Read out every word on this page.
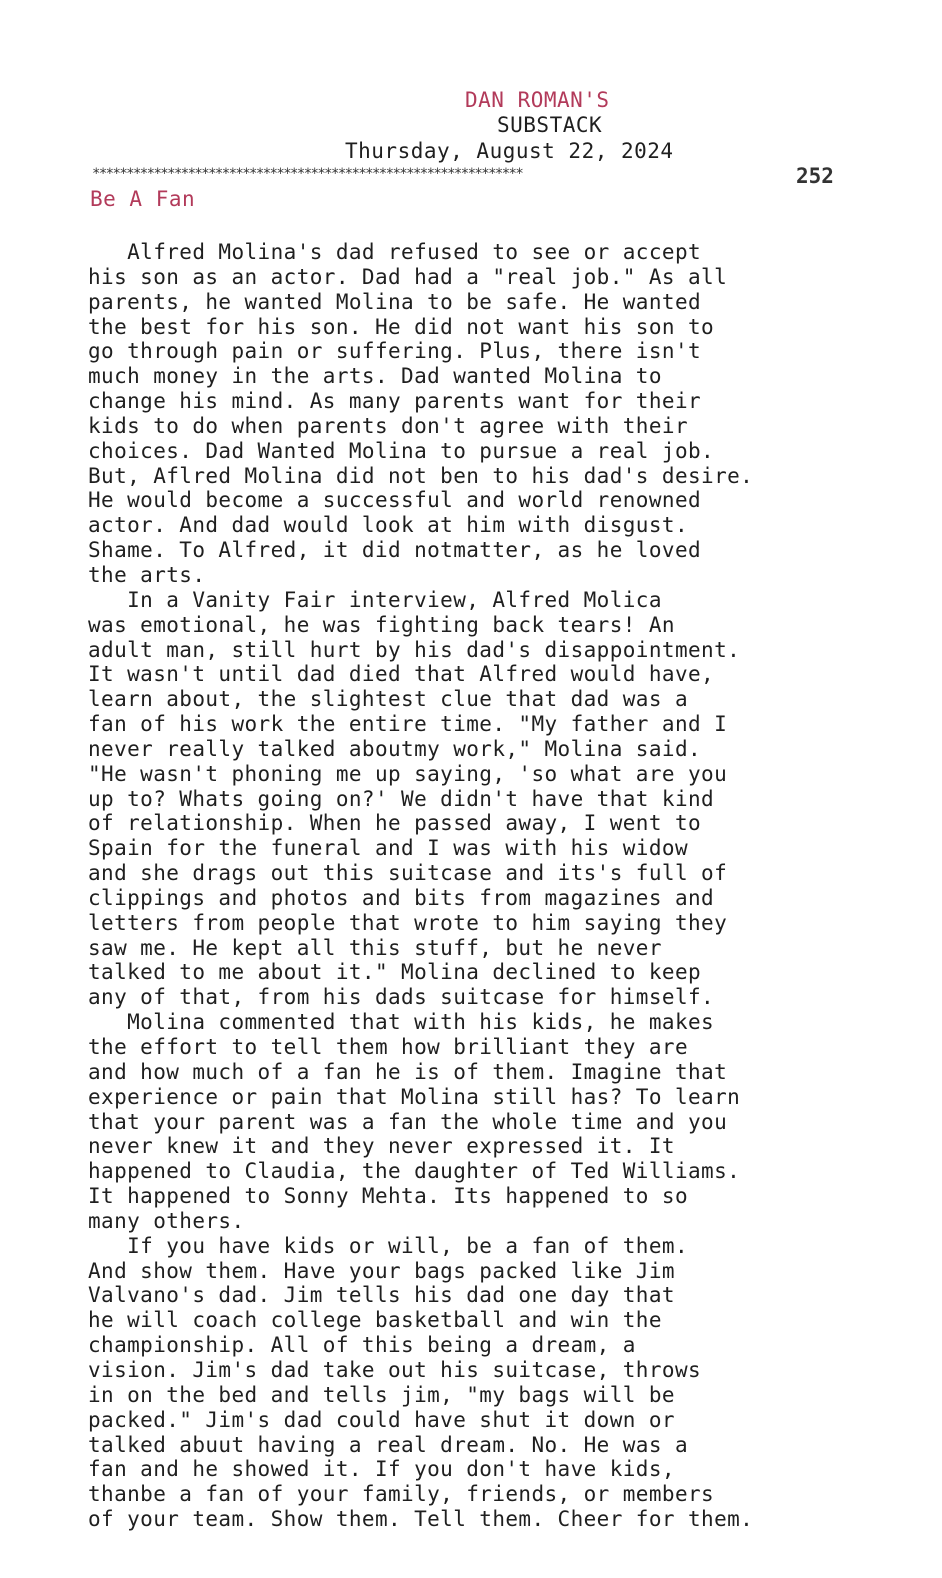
DAN ROMAN'S
SUBSTACK
Thursday, August 22, 2024
***************************************************************	252
Be A Fan
Alfred Molina's dad refused to see or accept
his son as an actor. Dad had a "real job." As all
parents, he wanted Molina to be safe. He wanted
the best for his son. He did not want his son to
go through pain or suffering. Plus, there isn't
much money in the arts. Dad wanted Molina to
change his mind. As many parents want for their
kids to do when parents don't agree with their
choices. Dad Wanted Molina to pursue a real job.
But, Aflred Molina did not ben to his dad's desire.
He would become a successful and world renowned
actor. And dad would look at him with disgust.
Shame. To Alfred, it did notmatter, as he loved
the arts.
In a Vanity Fair interview, Alfred Molica
was emotional, he was fighting back tears! An
adult man, still hurt by his dad's disappointment.
It wasn't until dad died that Alfred would have,
learn about, the slightest clue that dad was a
fan of his work the entire time. "My father and I
never really talked aboutmy work," Molina said.
"He wasn't phoning me up saying, 'so what are you
up to? Whats going on?' We didn't have that kind
of relationship. When he passed away, I went to
Spain for the funeral and I was with his widow
and she drags out this suitcase and its's full of
clippings and photos and bits from magazines and
letters from people that wrote to him saying they
saw me. He kept all this stuff, but he never
talked to me about it." Molina declined to keep
any of that, from his dads suitcase for himself.
Molina commented that with his kids, he makes
the effort to tell them how brilliant they are
and how much of a fan he is of them. Imagine that
experience or pain that Molina still has? To learn
that your parent was a fan the whole time and you
never knew it and they never expressed it. It
happened to Claudia, the daughter of Ted Williams.
It happened to Sonny Mehta. Its happened to so
many others.
If you have kids or will, be a fan of them.
And show them. Have your bags packed like Jim
Valvano's dad. Jim tells his dad one day that
he will coach college basketball and win the
championship. All of this being a dream, a
vision. Jim's dad take out his suitcase, throws
in on the bed and tells jim, "my bags will be
packed." Jim's dad could have shut it down or
talked abuut having a real dream. No. He was a
fan and he showed it. If you don't have kids,
thanbe a fan of your family, friends, or members
of your team. Show them. Tell them. Cheer for them.
